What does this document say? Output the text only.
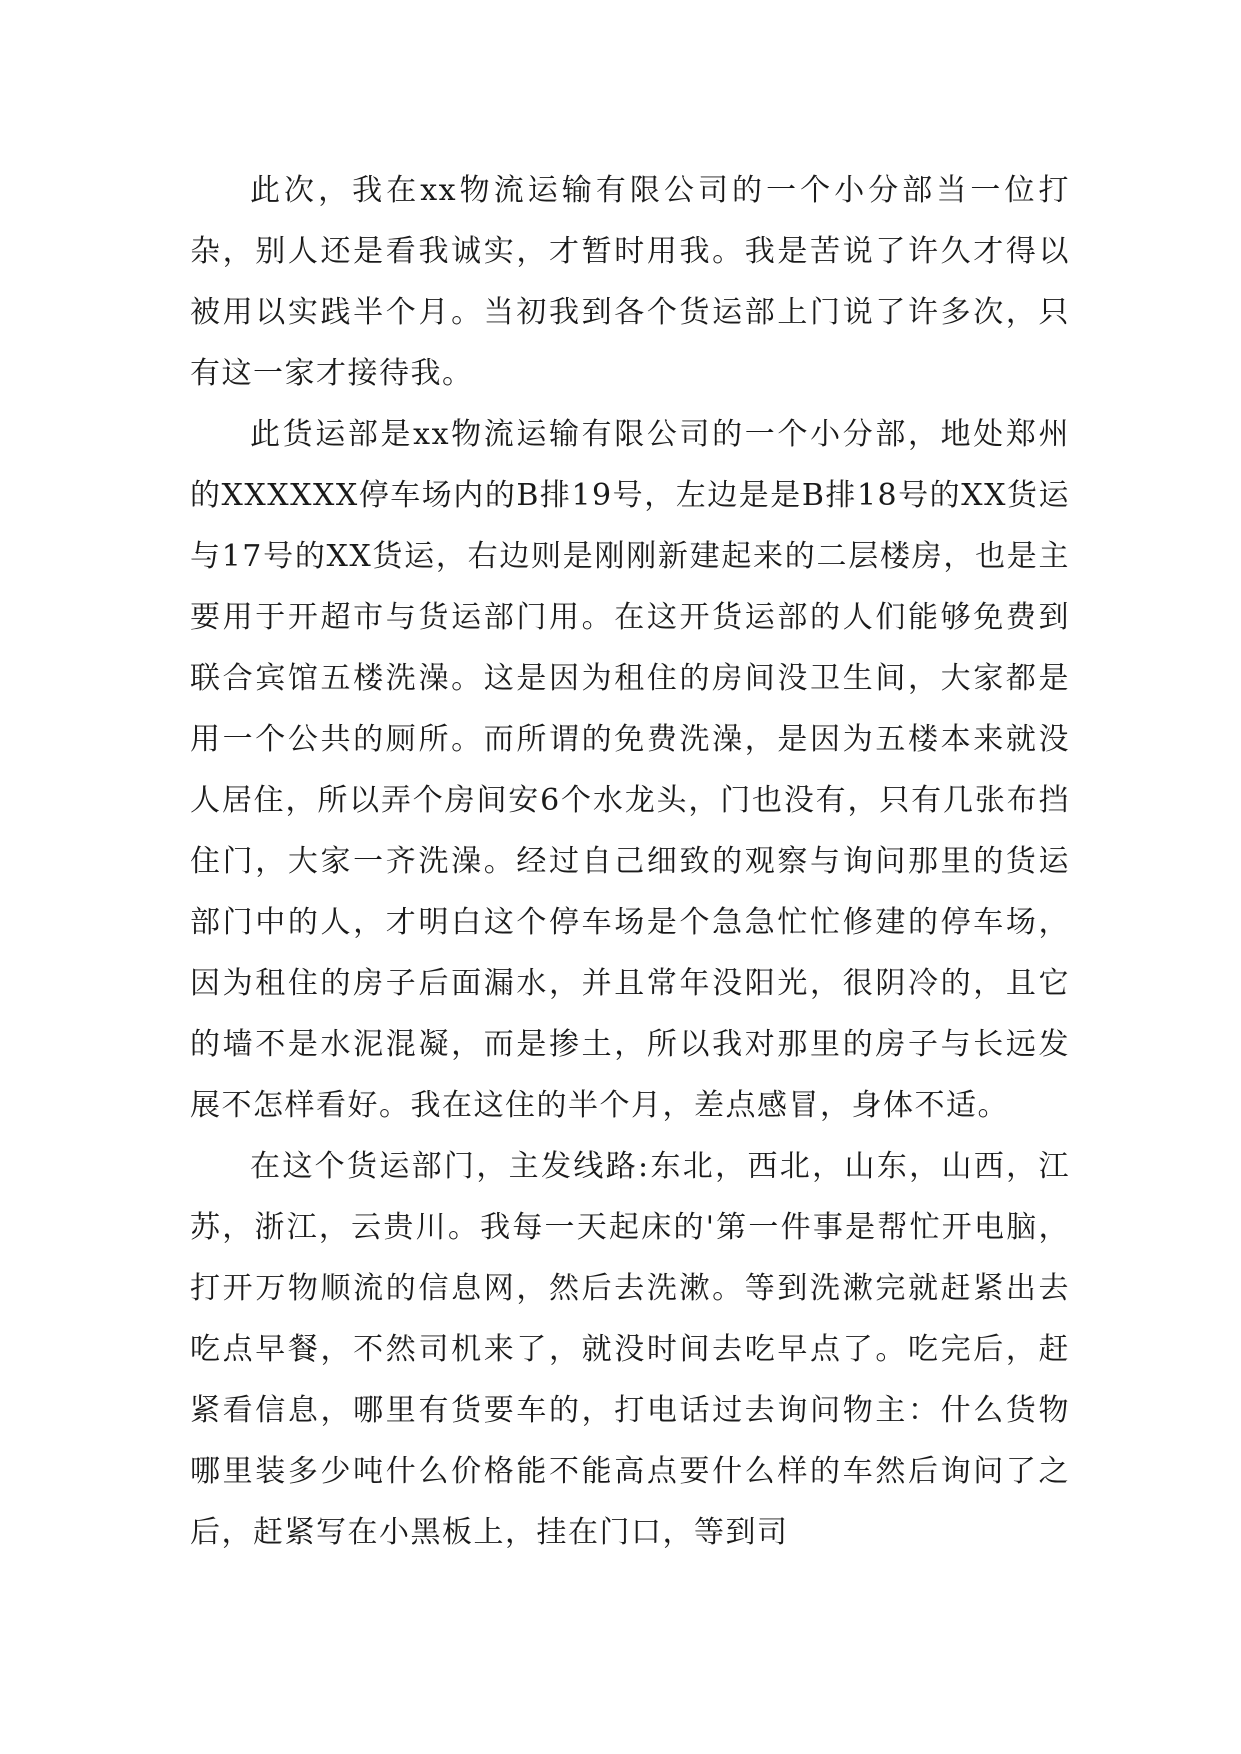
此次，我在xx物流运输有限公司的一个小分部当一位打杂，别人还是看我诚实，才暂时用我。我是苦说了许久才得以被用以实践半个月。当初我到各个货运部上门说了许多次，只有这一家才接待我。

此货运部是xx物流运输有限公司的一个小分部，地处郑州的XXXXXX停车场内的B排19号，左边是是B排18号的XX货运与17号的XX货运，右边则是刚刚新建起来的二层楼房，也是主要用于开超市与货运部门用。在这开货运部的人们能够免费到联合宾馆五楼洗澡。这是因为租住的房间没卫生间，大家都是用一个公共的厕所。而所谓的免费洗澡，是因为五楼本来就没人居住，所以弄个房间安6个水龙头，门也没有，只有几张布挡住门，大家一齐洗澡。经过自己细致的观察与询问那里的货运部门中的人，才明白这个停车场是个急急忙忙修建的停车场，因为租住的房子后面漏水，并且常年没阳光，很阴冷的，且它的墙不是水泥混凝，而是掺土，所以我对那里的房子与长远发展不怎样看好。我在这住的半个月，差点感冒，身体不适。

在这个货运部门，主发线路:东北，西北，山东，山西，江苏，浙江，云贵川。我每一天起床的'第一件事是帮忙开电脑，打开万物顺流的信息网，然后去洗漱。等到洗漱完就赶紧出去吃点早餐，不然司机来了，就没时间去吃早点了。吃完后，赶紧看信息，哪里有货要车的，打电话过去询问物主：什么货物哪里装多少吨什么价格能不能高点要什么样的车然后询问了之后，赶紧写在小黑板上，挂在门口，等到司
